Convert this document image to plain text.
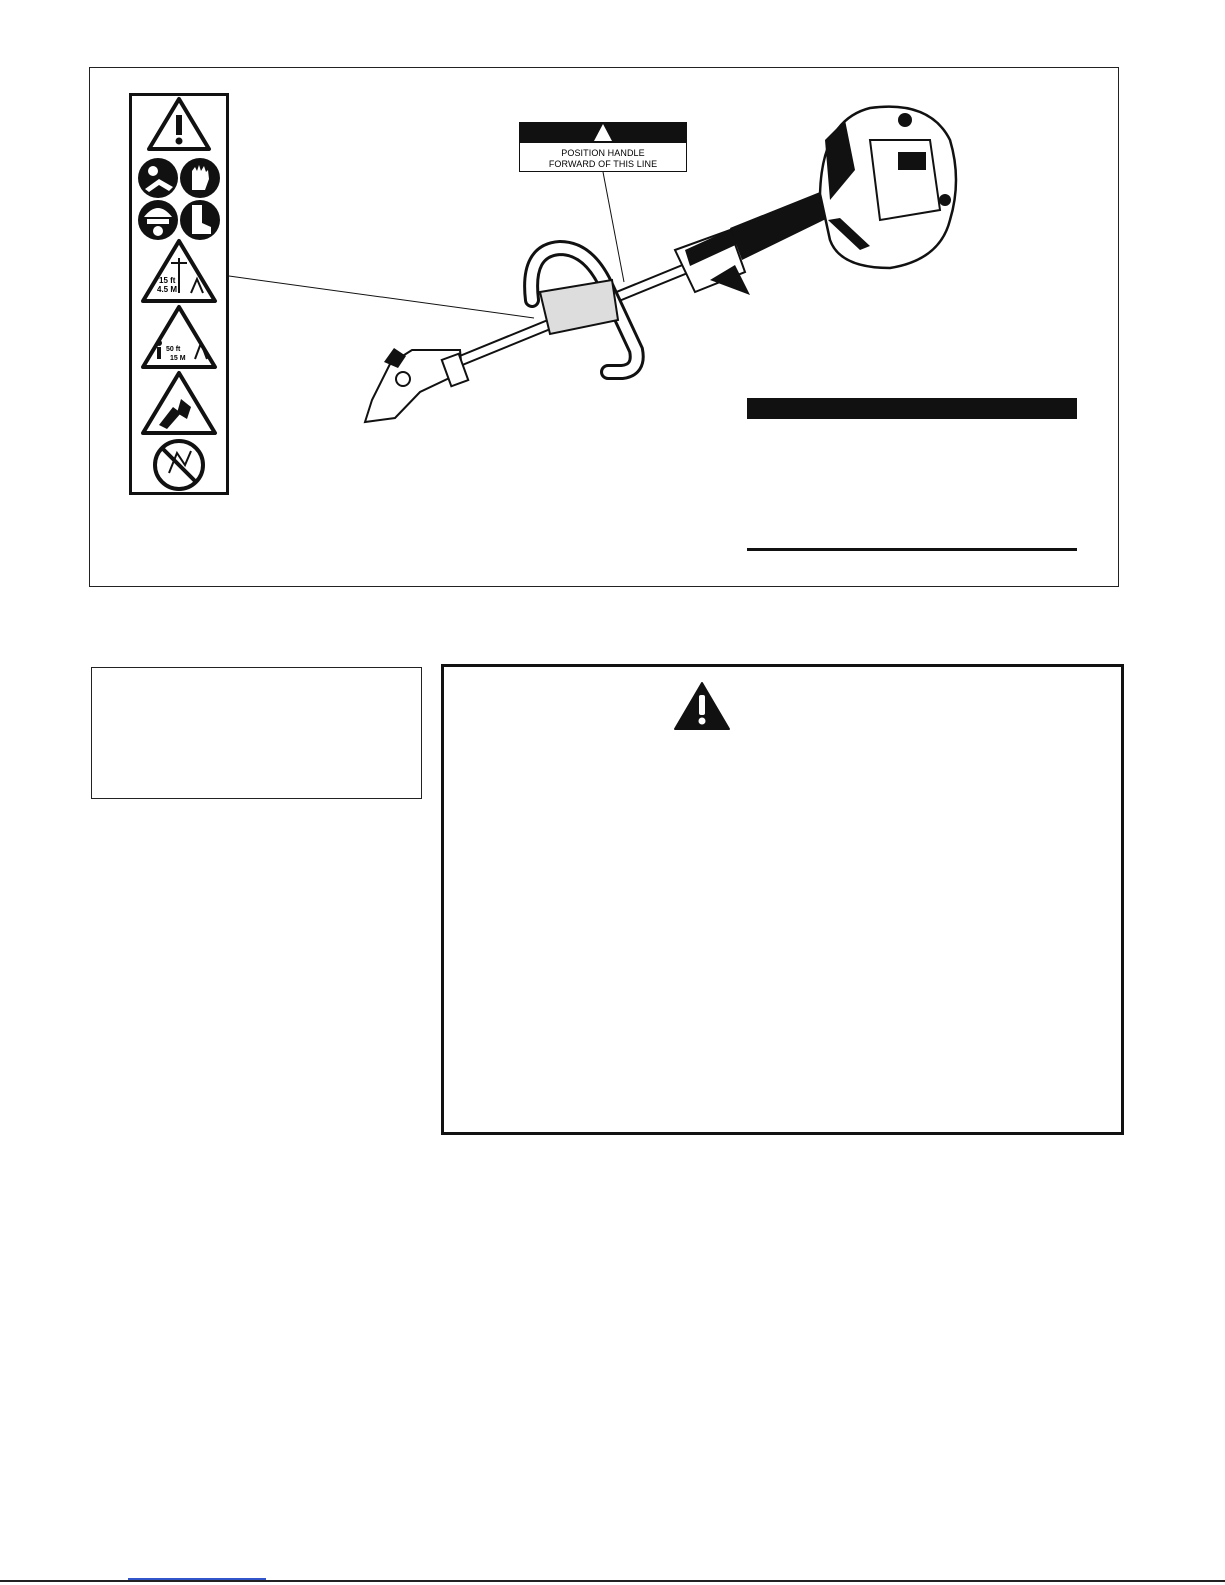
15 ft
4.5 M
50 ft
15 M
POSITION HANDLE
FORWARD OF THIS LINE
